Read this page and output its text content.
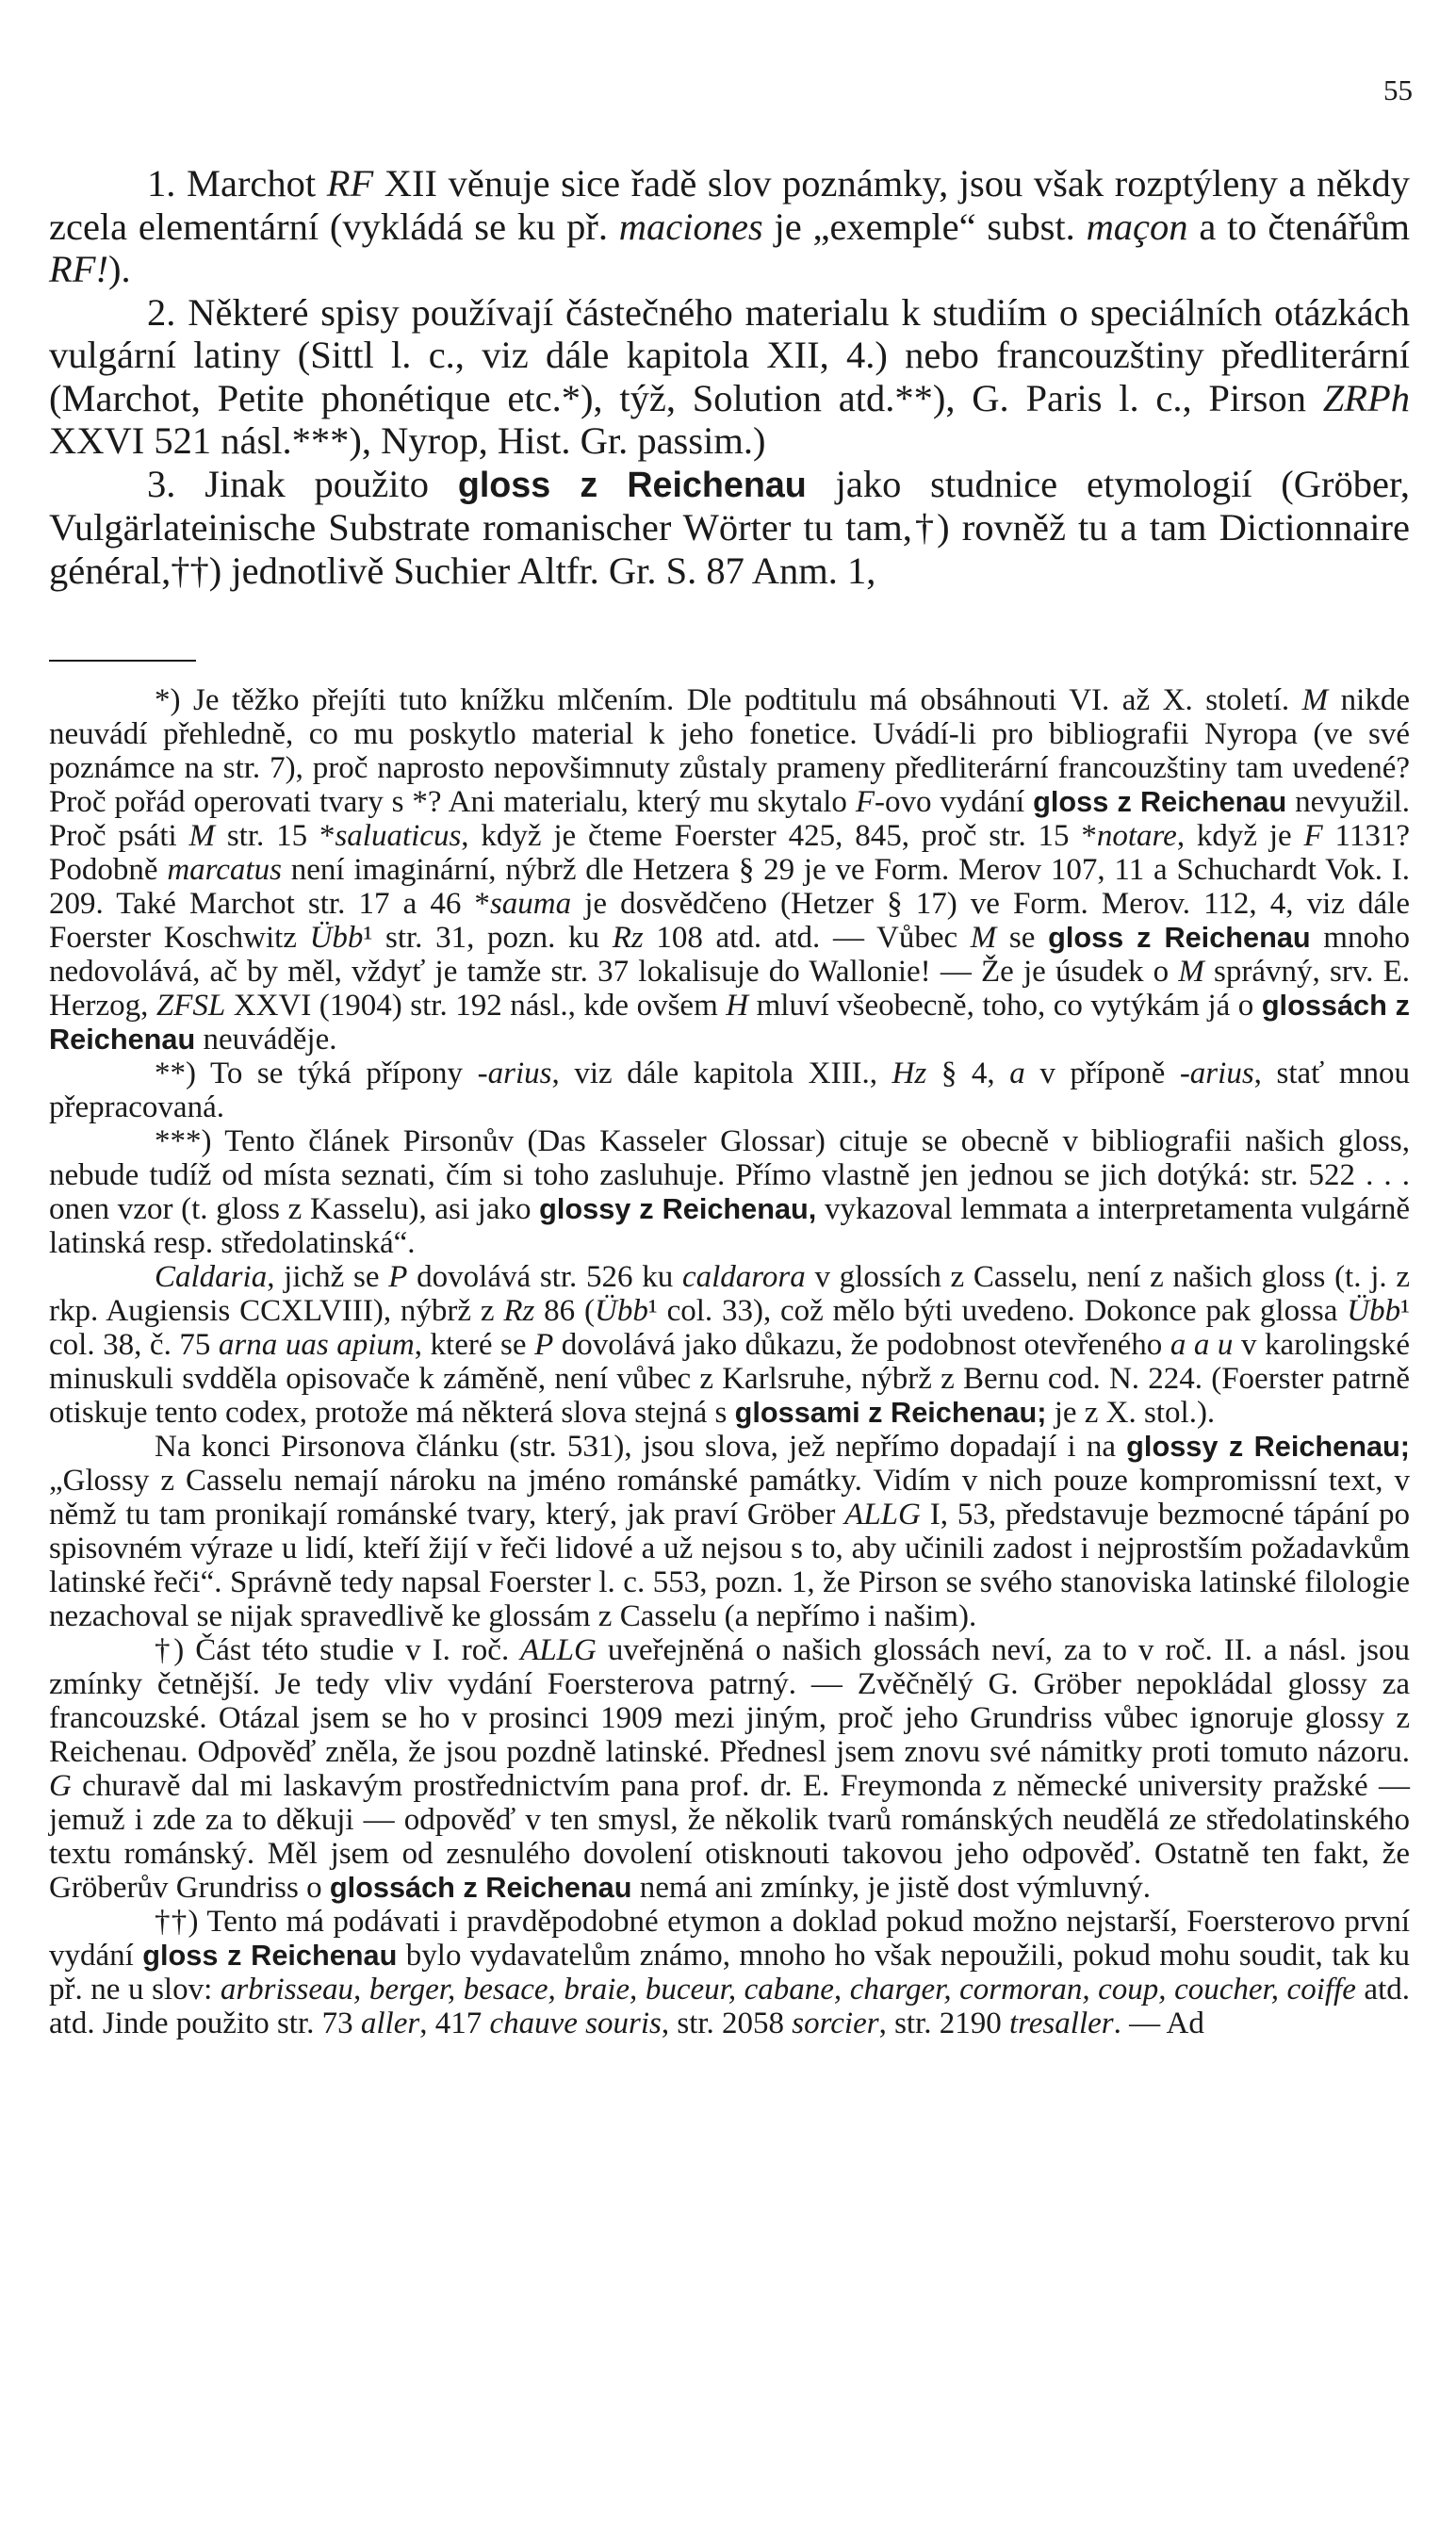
55

1. Marchot RF XII věnuje sice řadě slov poznámky, jsou však rozptýleny a někdy zcela elementární (vykládá se ku př. maciones je „exemple“ subst. maçon a to čtenářům RF!).

2. Některé spisy používají částečného materialu k studiím o speciálních otázkách vulgární latiny (Sittl l. c., viz dále kapitola XII, 4.) nebo francouzštiny předliterární (Marchot, Petite phonétique etc.*), týž, Solution atd.**), G. Paris l. c., Pirson ZRPh XXVI 521 násl.***), Nyrop, Hist. Gr. passim.)

3. Jinak použito gloss z Reichenau jako studnice etymologií (Gröber, Vulgärlateinische Substrate romanischer Wörter tu tam,†) rovněž tu a tam Dictionnaire général,††) jednotlivě Suchier Altfr. Gr. S. 87 Anm. 1,

*) Je těžko přejíti tuto knížku mlčením. Dle podtitulu má obsáhnouti VI. až X. století. M nikde neuvádí přehledně, co mu poskytlo material k jeho fonetice. Uvádí-li pro bibliografii Nyropa (ve své poznámce na str. 7), proč naprosto nepovšimnuty zůstaly prameny předliterární francouzštiny tam uvedené? Proč pořád operovati tvary s *? Ani materialu, který mu skytalo F-ovo vydání gloss z Reichenau nevyužil. Proč psáti M str. 15 *saluaticus, když je čteme Foerster 425, 845, proč str. 15 *notare, když je F 1131? Podobně marcatus není imaginární, nýbrž dle Hetzera § 29 je ve Form. Merov 107, 11 a Schuchardt Vok. I. 209. Také Marchot str. 17 a 46 *sauma je dosvědčeno (Hetzer § 17) ve Form. Merov. 112, 4, viz dále Foerster Koschwitz Übb¹ str. 31, pozn. ku Rz 108 atd. atd. — Vůbec M se gloss z Reichenau mnoho nedovolává, ač by měl, vždyť je tamže str. 37 lokalisuje do Wallonie! — Že je úsudek o M správný, srv. E. Herzog, ZFSL XXVI (1904) str. 192 násl., kde ovšem H mluví všeobecně, toho, co vytýkám já o glossách z Reichenau neuváděje.

**) To se týká přípony -arius, viz dále kapitola XIII., Hz § 4, a v příponě -arius, stať mnou přepracovaná.

***) Tento článek Pirsonův (Das Kasseler Glossar) cituje se obecně v bibliografii našich gloss, nebude tudíž od místa seznati, čím si toho zasluhuje. Přímo vlastně jen jednou se jich dotýká: str. 522 . . . onen vzor (t. gloss z Kasselu), asi jako glossy z Reichenau, vykazoval lemmata a interpretamenta vulgárně latinská resp. středolatinská“.

Caldaria, jichž se P dovolává str. 526 ku caldarora v glossích z Casselu, není z našich gloss (t. j. z rkp. Augiensis CCXLVIII), nýbrž z Rz 86 (Übb¹ col. 33), což mělo býti uvedeno. Dokonce pak glossa Übb¹ col. 38, č. 75 arna uas apium, které se P dovolává jako důkazu, že podobnost otevřeného a a u v karolingské minuskuli svdděla opisovače k záměně, není vůbec z Karlsruhe, nýbrž z Bernu cod. N. 224. (Foerster patrně otiskuje tento codex, protože má některá slova stejná s glossami z Reichenau; je z X. stol.).

Na konci Pirsonova článku (str. 531), jsou slova, jež nepřímo dopadají i na glossy z Reichenau; „Glossy z Casselu nemají nároku na jméno románské památky. Vidím v nich pouze kompromissní text, v němž tu tam pronikají románské tvary, který, jak praví Gröber ALLG I, 53, představuje bezmocné tápání po spisovném výraze u lidí, kteří žijí v řeči lidové a už nejsou s to, aby učinili zadost i nejprostším požadavkům latinské řeči“. Správně tedy napsal Foerster l. c. 553, pozn. 1, že Pirson se svého stanoviska latinské filologie nezachoval se nijak spravedlivě ke glossám z Casselu (a nepřímo i našim).

†) Část této studie v I. roč. ALLG uveřejněná o našich glossách neví, za to v roč. II. a násl. jsou zmínky četnější. Je tedy vliv vydání Foersterova patrný. — Zvěčnělý G. Gröber nepokládal glossy za francouzské. Otázal jsem se ho v prosinci 1909 mezi jiným, proč jeho Grundriss vůbec ignoruje glossy z Reichenau. Odpověď zněla, že jsou pozdně latinské. Přednesl jsem znovu své námitky proti tomuto názoru. G churavě dal mi laskavým prostřednictvím pana prof. dr. E. Freymonda z německé university pražské — jemuž i zde za to děkuji — odpověď v ten smysl, že několik tvarů románských neudělá ze středolatinského textu románský. Měl jsem od zesnulého dovolení otisknouti takovou jeho odpověď. Ostatně ten fakt, že Gröberův Grundriss o glossách z Reichenau nemá ani zmínky, je jistě dost výmluvný.

††) Tento má podávati i pravděpodobné etymon a doklad pokud možno nejstarší, Foersterovo první vydání gloss z Reichenau bylo vydavatelům známo, mnoho ho však nepoužili, pokud mohu soudit, tak ku př. ne u slov: arbrisseau, berger, besace, braie, buceur, cabane, charger, cormoran, coup, coucher, coiffe atd. atd. Jinde použito str. 73 aller, 417 chauve souris, str. 2058 sorcier, str. 2190 tresaller. — Ad
